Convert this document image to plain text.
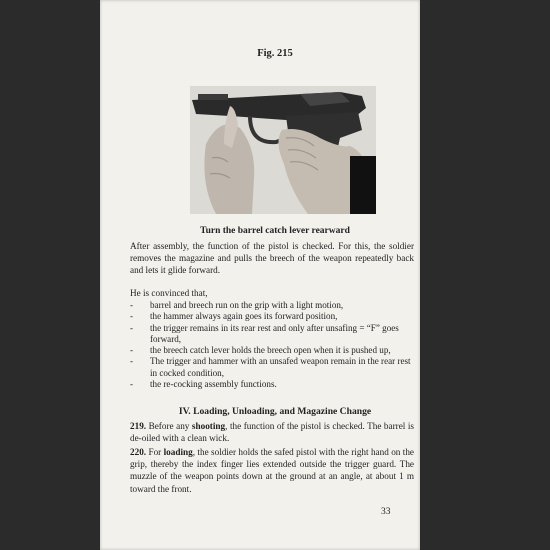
Fig. 215
Turn the barrel catch lever rearward
After assembly, the function of the pistol is checked. For this, the soldier removes the magazine and pulls the breech of the weapon repeatedly back and lets it glide forward.
He is convinced that,
- barrel and breech run on the grip with a light motion,
- the hammer always again goes its forward position,
- the trigger remains in its rear rest and only after unsafing = “F” goes forward,
- the breech catch lever holds the breech open when it is pushed up,
- The trigger and hammer with an unsafed weapon remain in the rear rest in cocked condition,
- the re-cocking assembly functions.
IV. Loading, Unloading, and Magazine Change
219. Before any shooting, the function of the pistol is checked. The barrel is de-oiled with a clean wick.
220. For loading, the soldier holds the safed pistol with the right hand on the grip, thereby the index finger lies extended outside the trigger guard. The muzzle of the weapon points down at the ground at an angle, at about 1 m toward the front.
33
